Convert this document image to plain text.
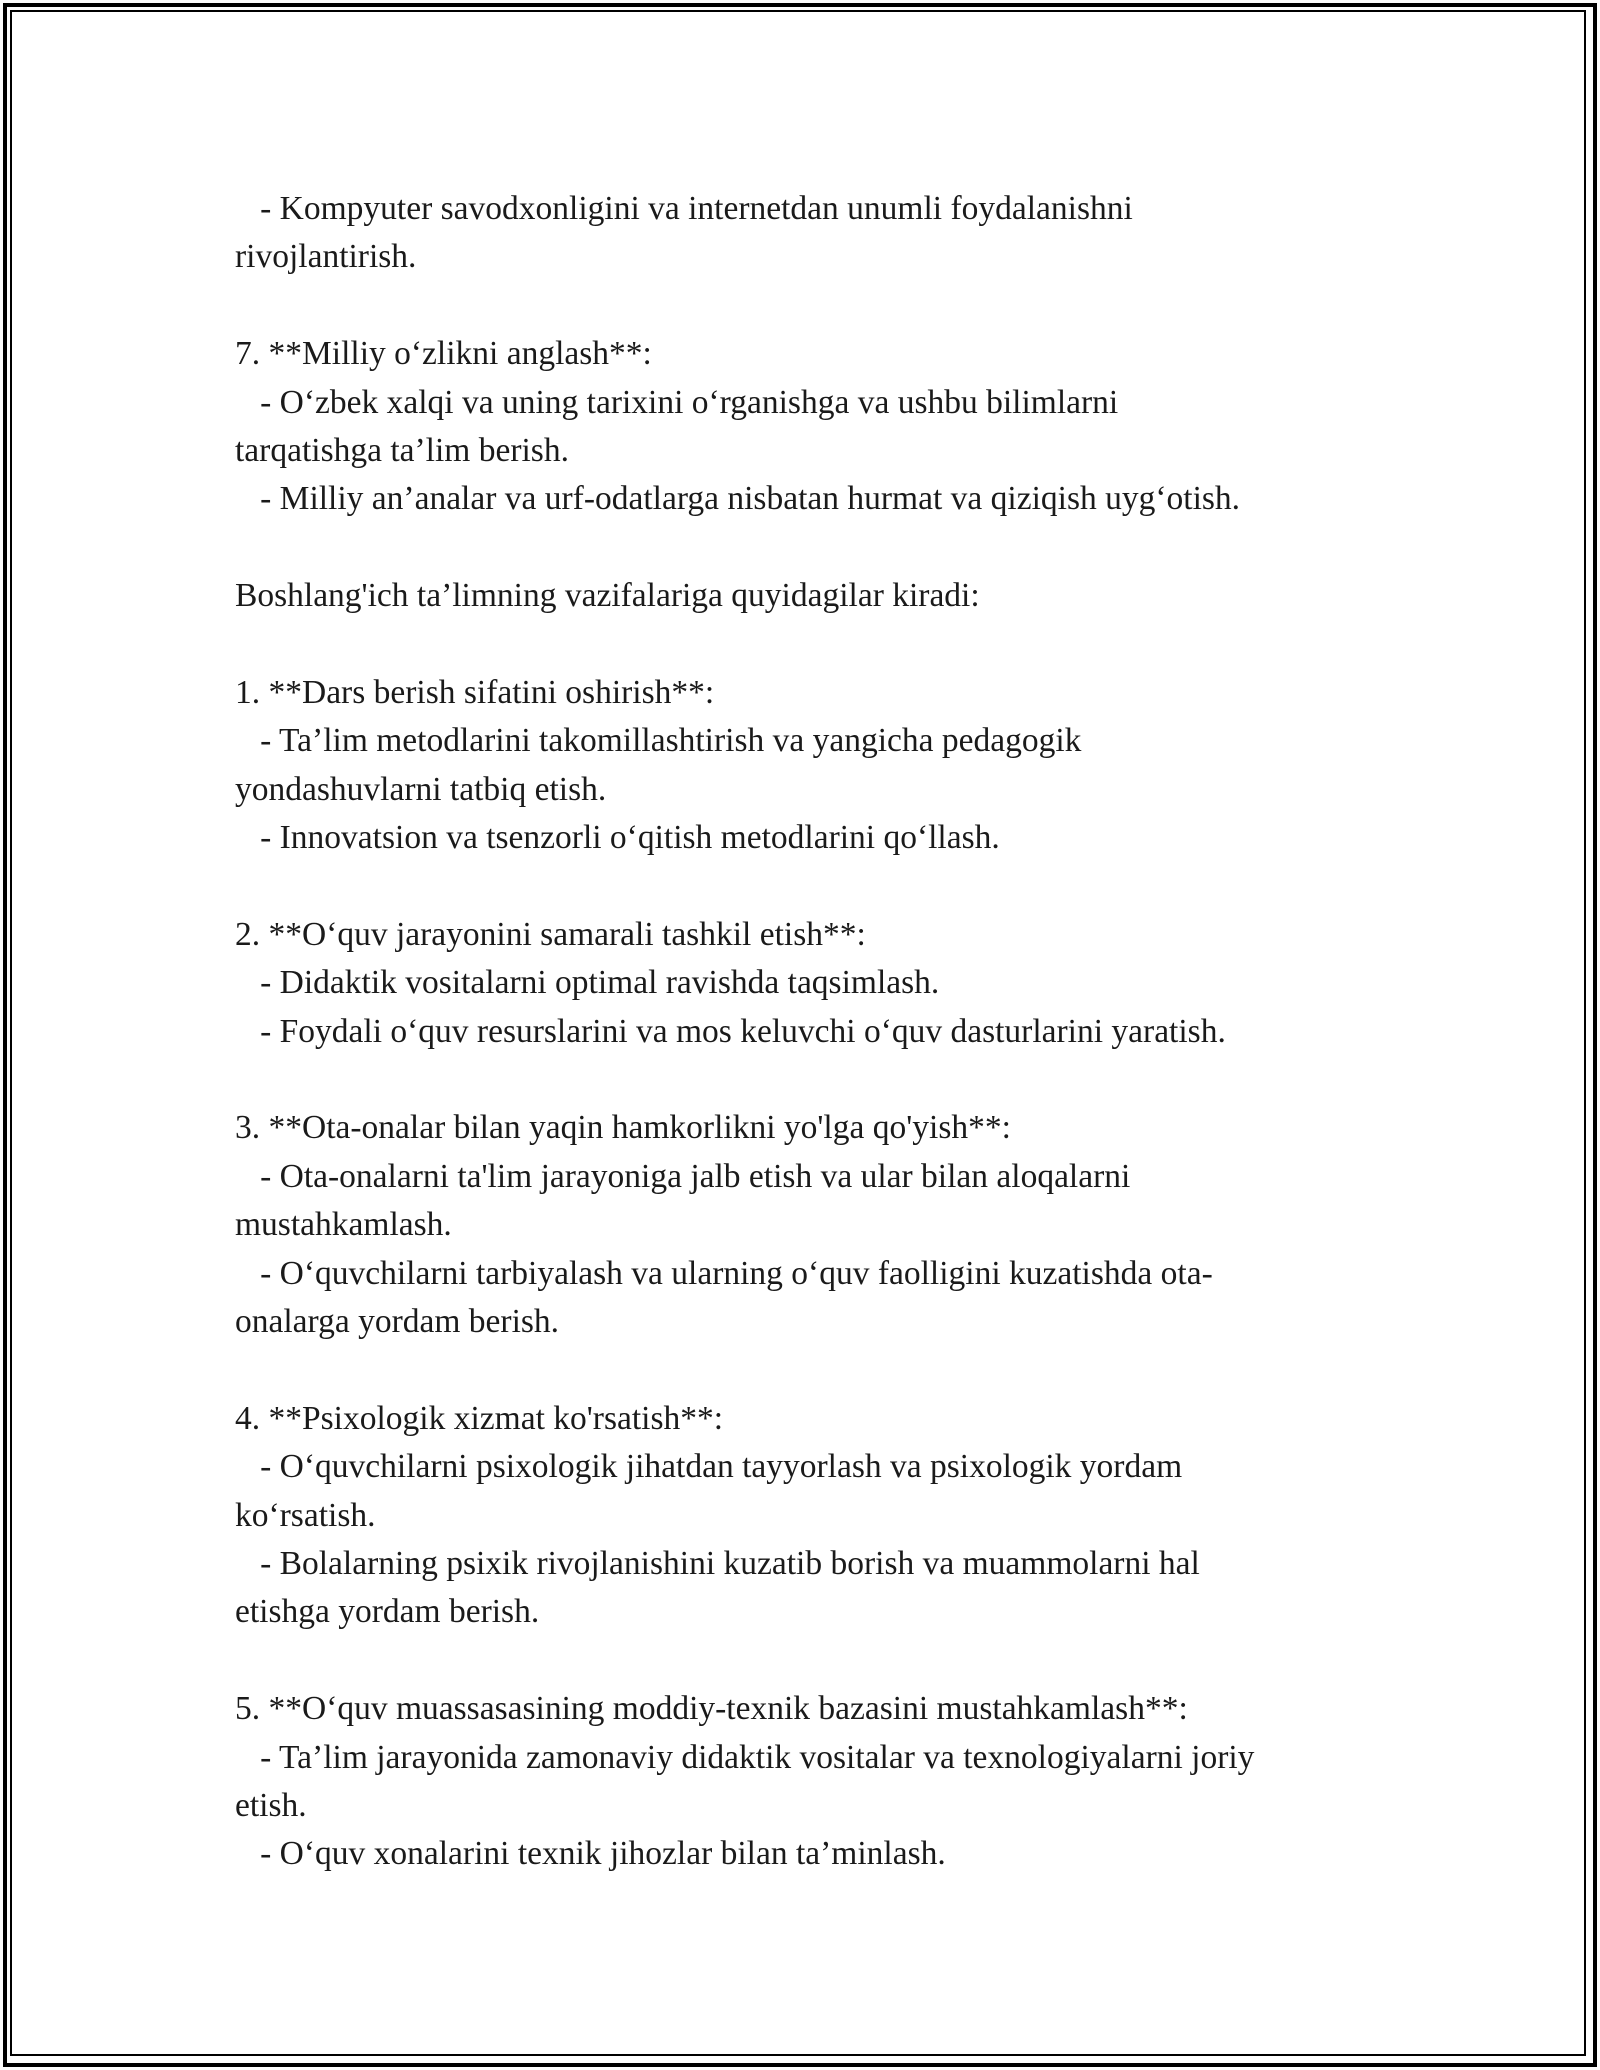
- Kompyuter savodxonligini va internetdan unumli foydalanishni
rivojlantirish.
7. **Milliy o‘zlikni anglash**:
- O‘zbek xalqi va uning tarixini o‘rganishga va ushbu bilimlarni
tarqatishga ta’lim berish.
- Milliy an’analar va urf-odatlarga nisbatan hurmat va qiziqish uyg‘otish.
Boshlang'ich ta’limning vazifalariga quyidagilar kiradi:
1. **Dars berish sifatini oshirish**:
- Ta’lim metodlarini takomillashtirish va yangicha pedagogik
yondashuvlarni tatbiq etish.
- Innovatsion va tsenzorli o‘qitish metodlarini qo‘llash.
2. **O‘quv jarayonini samarali tashkil etish**:
- Didaktik vositalarni optimal ravishda taqsimlash.
- Foydali o‘quv resurslarini va mos keluvchi o‘quv dasturlarini yaratish.
3. **Ota-onalar bilan yaqin hamkorlikni yo'lga qo'yish**:
- Ota-onalarni ta'lim jarayoniga jalb etish va ular bilan aloqalarni
mustahkamlash.
- O‘quvchilarni tarbiyalash va ularning o‘quv faolligini kuzatishda ota-
onalarga yordam berish.
4. **Psixologik xizmat ko'rsatish**:
- O‘quvchilarni psixologik jihatdan tayyorlash va psixologik yordam
ko‘rsatish.
- Bolalarning psixik rivojlanishini kuzatib borish va muammolarni hal
etishga yordam berish.
5. **O‘quv muassasasining moddiy-texnik bazasini mustahkamlash**:
- Ta’lim jarayonida zamonaviy didaktik vositalar va texnologiyalarni joriy
etish.
- O‘quv xonalarini texnik jihozlar bilan ta’minlash.
